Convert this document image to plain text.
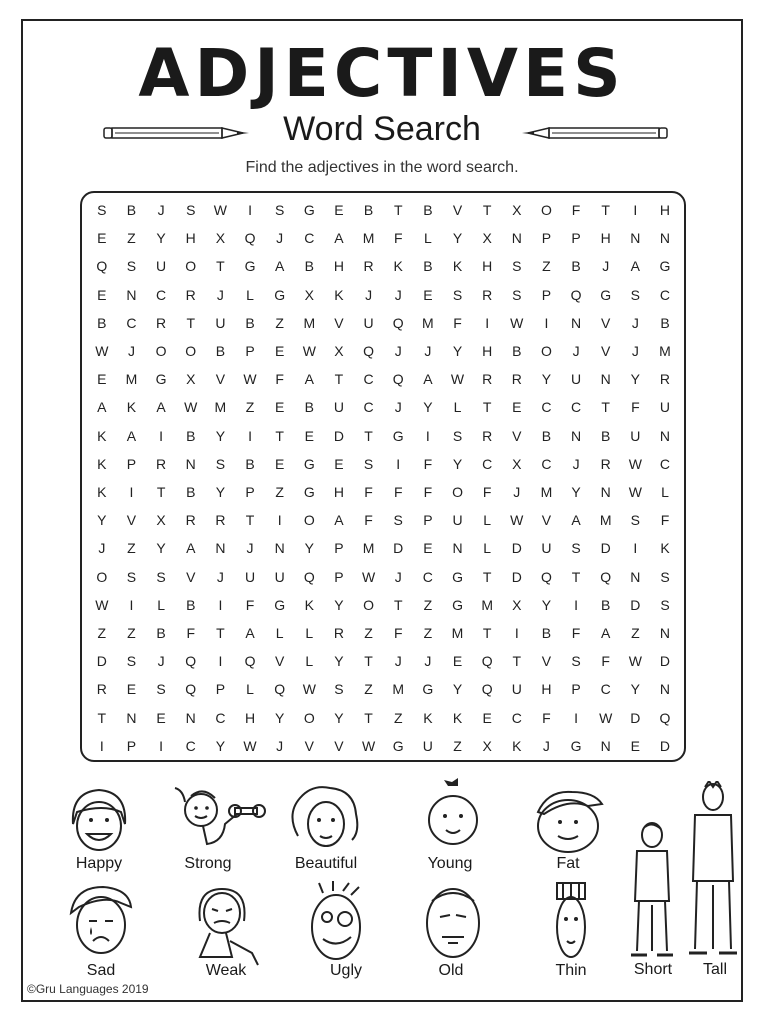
ADJECTIVES
Word Search
Find the adjectives in the word search.
S	B	J	S	W	I	S	G	E	B	T	B	V	T	X	O	F	T	I	H
E	Z	Y	H	X	Q	J	C	A	M	F	L	Y	X	N	P	P	H	N	N
Q	S	U	O	T	G	A	B	H	R	K	B	K	H	S	Z	B	J	A	G
E	N	C	R	J	L	G	X	K	J	J	E	S	R	S	P	Q	G	S	C
B	C	R	T	U	B	Z	M	V	U	Q	M	F	I	W	I	N	V	J	B
W	J	O	O	B	P	E	W	X	Q	J	J	Y	H	B	O	J	V	J	M
E	M	G	X	V	W	F	A	T	C	Q	A	W	R	R	Y	U	N	Y	R
A	K	A	W	M	Z	E	B	U	C	J	Y	L	T	E	C	C	T	F	U
K	A	I	B	Y	I	T	E	D	T	G	I	S	R	V	B	N	B	U	N
K	P	R	N	S	B	E	G	E	S	I	F	Y	C	X	C	J	R	W	C
K	I	T	B	Y	P	Z	G	H	F	F	F	O	F	J	M	Y	N	W	L
Y	V	X	R	R	T	I	O	A	F	S	P	U	L	W	V	A	M	S	F
J	Z	Y	A	N	J	N	Y	P	M	D	E	N	L	D	U	S	D	I	K
O	S	S	V	J	U	U	Q	P	W	J	C	G	T	D	Q	T	Q	N	S
W	I	L	B	I	F	G	K	Y	O	T	Z	G	M	X	Y	I	B	D	S
Z	Z	B	F	T	A	L	L	R	Z	F	Z	M	T	I	B	F	A	Z	N
D	S	J	Q	I	Q	V	L	Y	T	J	J	E	Q	T	V	S	F	W	D
R	E	S	Q	P	L	Q	W	S	Z	M	G	Y	Q	U	H	P	C	Y	N
T	N	E	N	C	H	Y	O	Y	T	Z	K	K	E	C	F	I	W	D	Q
I	P	I	C	Y	W	J	V	V	W	G	U	Z	X	K	J	G	N	E	D
Happy	Strong	Beautiful	Young	Fat
Short	Tall
Sad	Weak	Ugly	Old	Thin
©Gru Languages 2019
